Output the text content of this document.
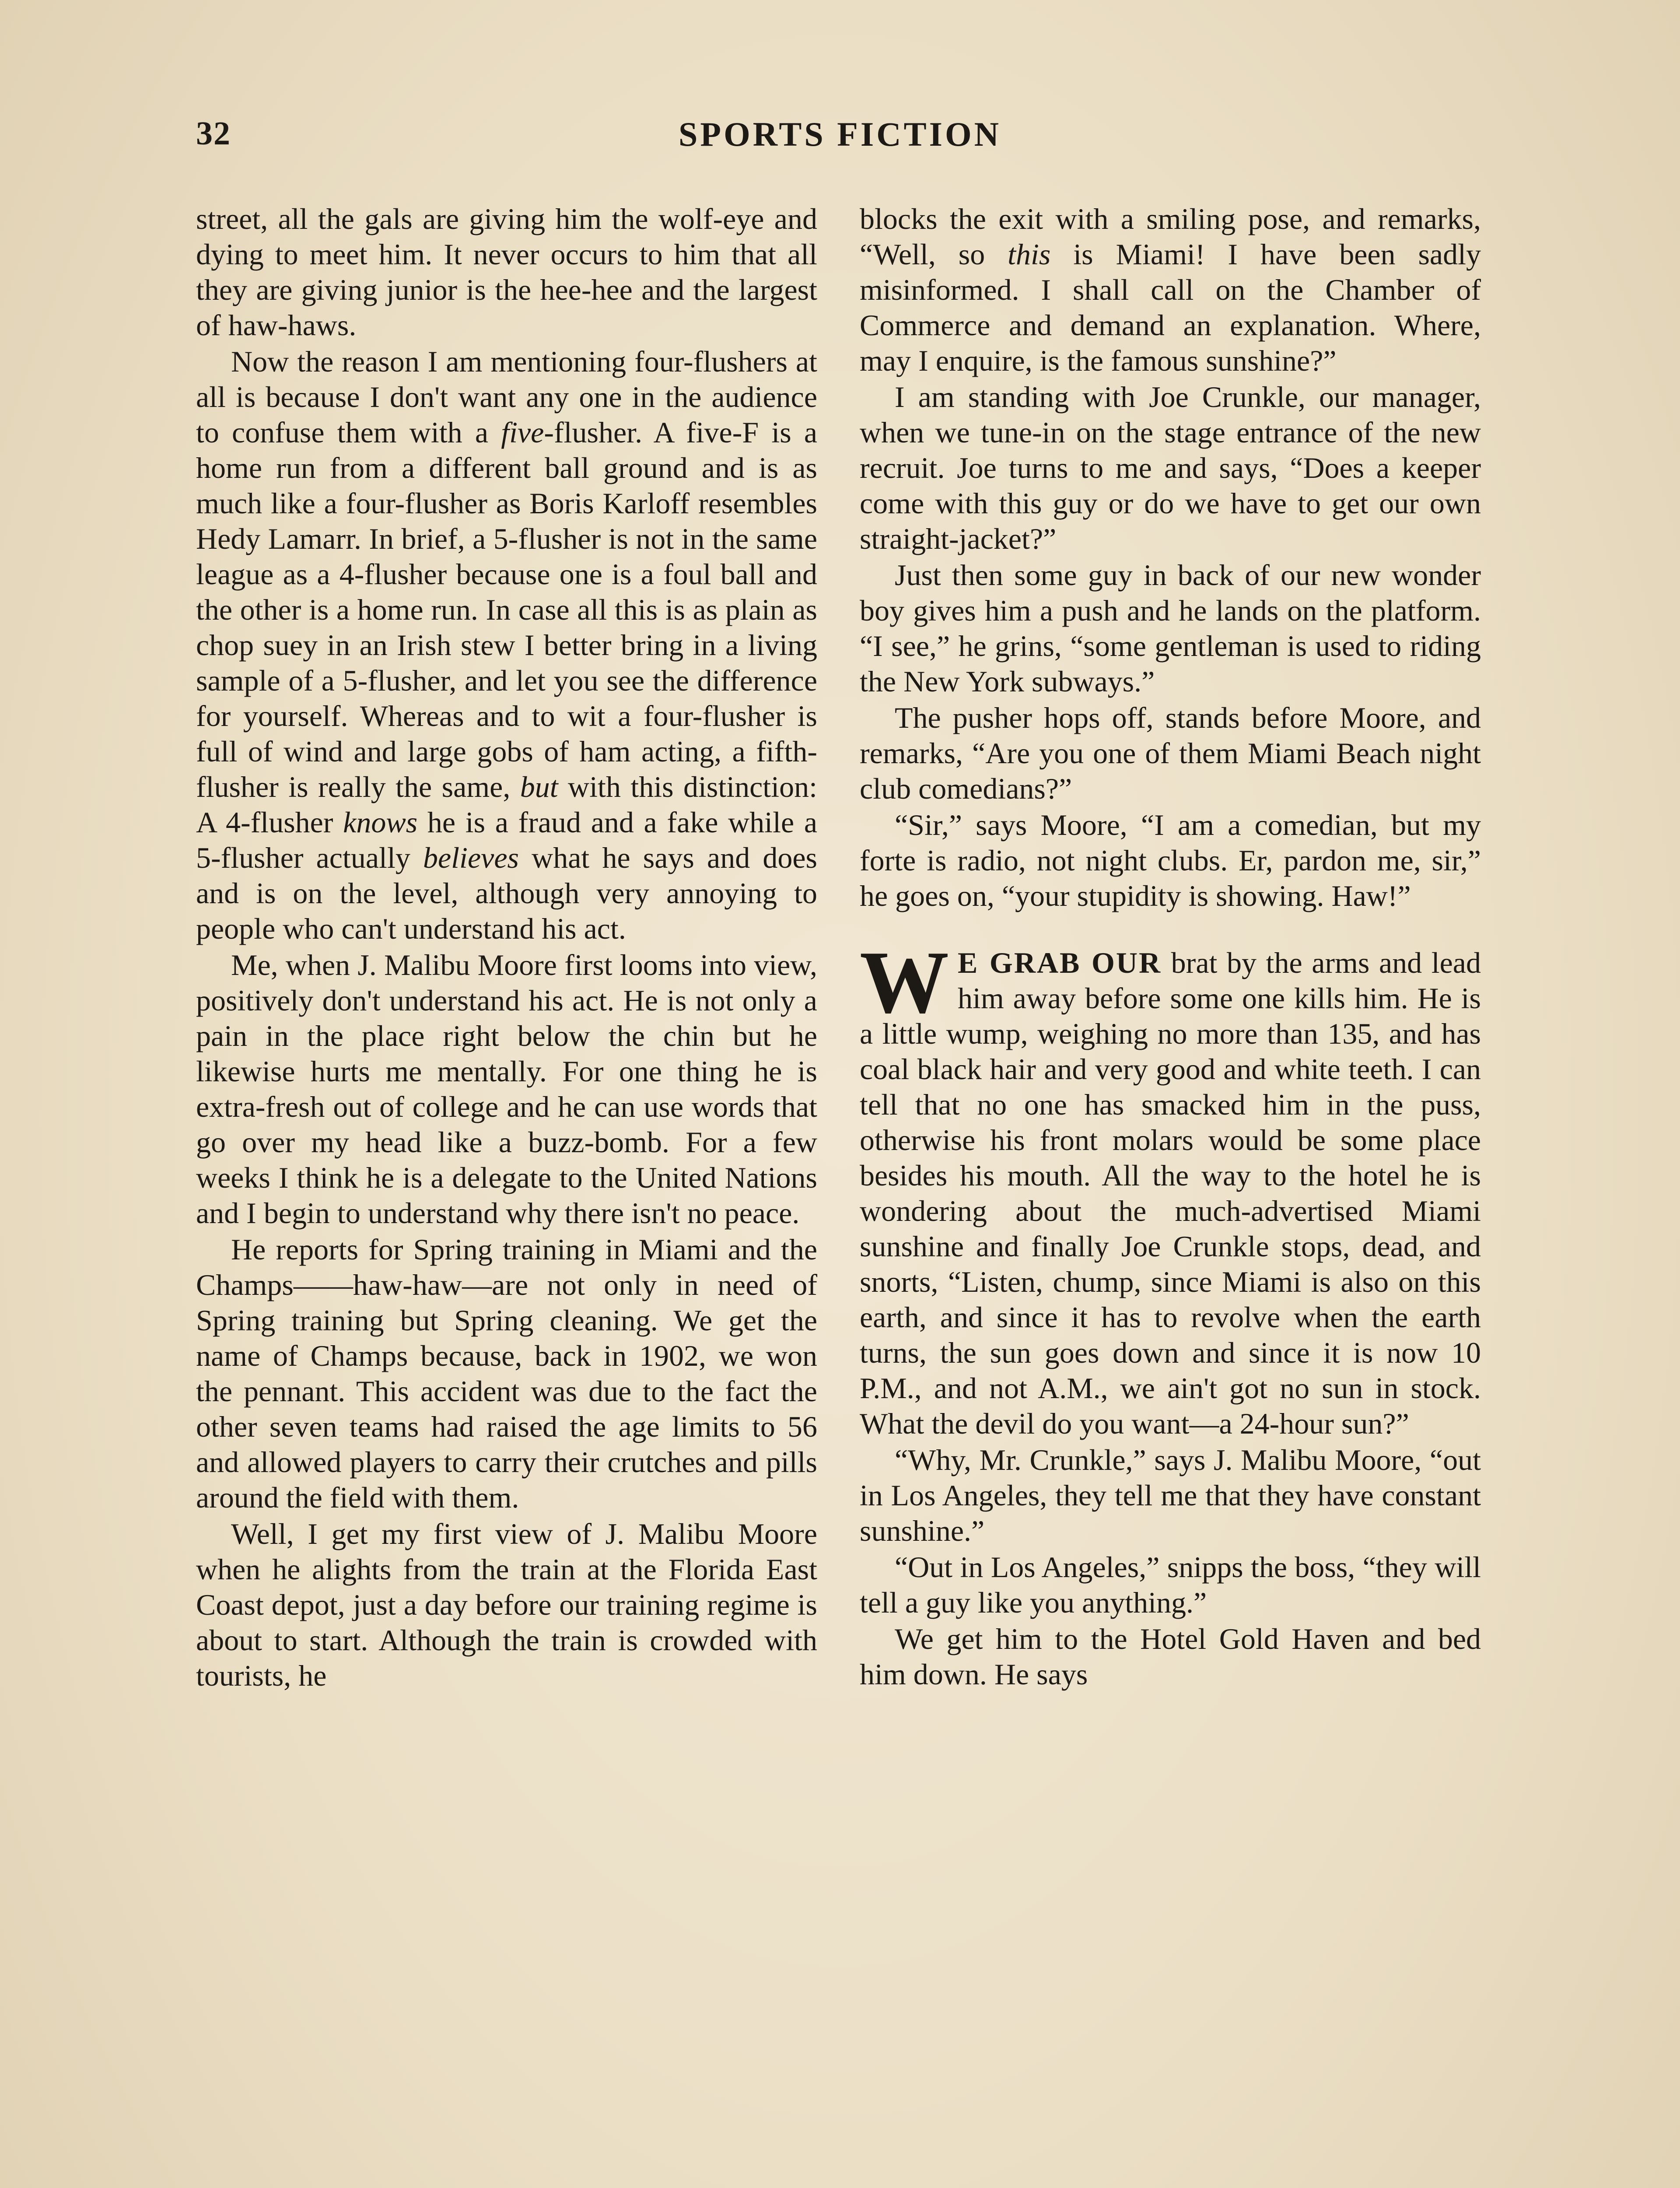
32	SPORTS FICTION

street, all the gals are giving him the wolf-eye and dying to meet him. It never occurs to him that all they are giving junior is the hee-hee and the largest of haw-haws.

Now the reason I am mentioning four-flushers at all is because I don't want any one in the audience to confuse them with a five-flusher. A five-F is a home run from a different ball ground and is as much like a four-flusher as Boris Karloff resembles Hedy Lamarr. In brief, a 5-flusher is not in the same league as a 4-flusher because one is a foul ball and the other is a home run. In case all this is as plain as chop suey in an Irish stew I better bring in a living sample of a 5-flusher, and let you see the difference for yourself. Whereas and to wit a four-flusher is full of wind and large gobs of ham acting, a fifth-flusher is really the same, but with this distinction: A 4-flusher knows he is a fraud and a fake while a 5-flusher actually believes what he says and does and is on the level, although very annoying to people who can't understand his act.

Me, when J. Malibu Moore first looms into view, positively don't understand his act. He is not only a pain in the place right below the chin but he likewise hurts me mentally. For one thing he is extra-fresh out of college and he can use words that go over my head like a buzz-bomb. For a few weeks I think he is a delegate to the United Nations and I begin to understand why there isn't no peace.

He reports for Spring training in Miami and the Champs——haw-haw—are not only in need of Spring training but Spring cleaning. We get the name of Champs because, back in 1902, we won the pennant. This accident was due to the fact the other seven teams had raised the age limits to 56 and allowed players to carry their crutches and pills around the field with them.

Well, I get my first view of J. Malibu Moore when he alights from the train at the Florida East Coast depot, just a day before our training regime is about to start. Although the train is crowded with tourists, he

blocks the exit with a smiling pose, and remarks, “Well, so this is Miami! I have been sadly misinformed. I shall call on the Chamber of Commerce and demand an explanation. Where, may I enquire, is the famous sunshine?”

I am standing with Joe Crunkle, our manager, when we tune-in on the stage entrance of the new recruit. Joe turns to me and says, “Does a keeper come with this guy or do we have to get our own straight-jacket?”

Just then some guy in back of our new wonder boy gives him a push and he lands on the platform. “I see,” he grins, “some gentleman is used to riding the New York subways.”

The pusher hops off, stands before Moore, and remarks, “Are you one of them Miami Beach night club comedians?”

“Sir,” says Moore, “I am a comedian, but my forte is radio, not night clubs. Er, pardon me, sir,” he goes on, “your stupidity is showing. Haw!”

W E GRAB OUR brat by the arms and lead him away before some one kills him. He is a little wump, weighing no more than 135, and has coal black hair and very good and white teeth. I can tell that no one has smacked him in the puss, otherwise his front molars would be some place besides his mouth. All the way to the hotel he is wondering about the much-advertised Miami sunshine and finally Joe Crunkle stops, dead, and snorts, “Listen, chump, since Miami is also on this earth, and since it has to revolve when the earth turns, the sun goes down and since it is now 10 P.M., and not A.M., we ain't got no sun in stock. What the devil do you want—a 24-hour sun?”

“Why, Mr. Crunkle,” says J. Malibu Moore, “out in Los Angeles, they tell me that they have constant sunshine.”

“Out in Los Angeles,” snipps the boss, “they will tell a guy like you anything.”

We get him to the Hotel Gold Haven and bed him down. He says
